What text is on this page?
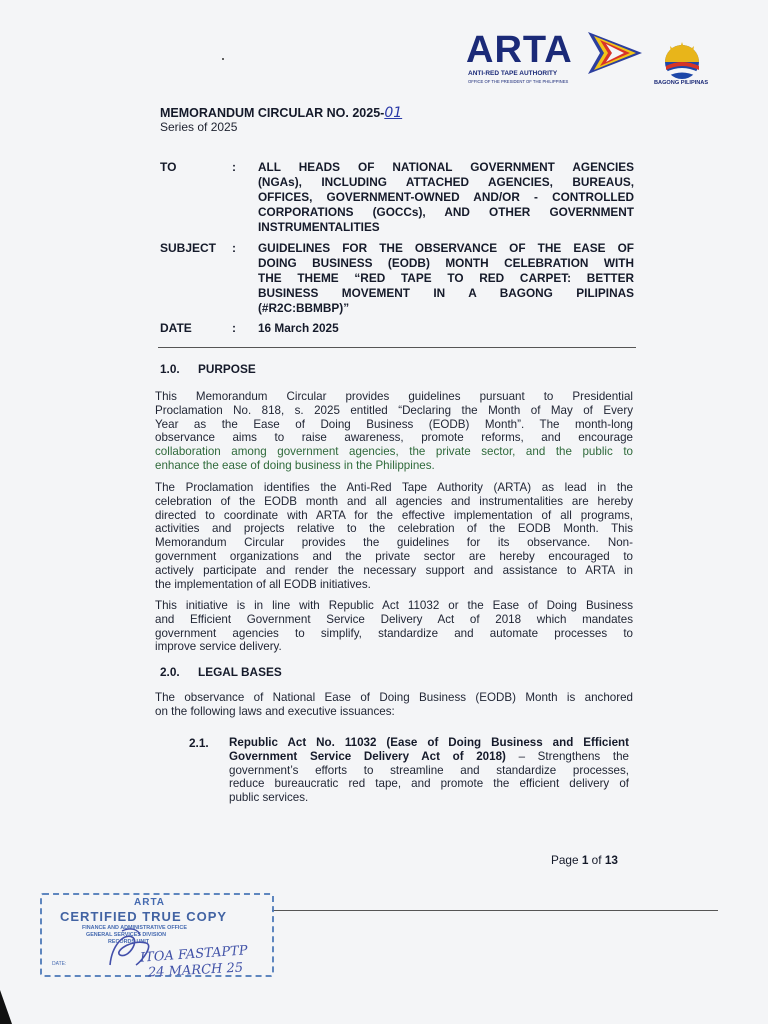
ARTA
ANTI-RED TAPE AUTHORITY
OFFICE OF THE PRESIDENT OF THE PHILIPPINES	BAGONG PILIPINAS
MEMORANDUM CIRCULAR NO. 2025-01
Series of 2025
TO	: ALL HEADS OF NATIONAL GOVERNMENT AGENCIES
(NGAs), INCLUDING ATTACHED AGENCIES, BUREAUS,
OFFICES, GOVERNMENT-OWNED AND/OR - CONTROLLED
CORPORATIONS (GOCCs), AND OTHER GOVERNMENT
INSTRUMENTALITIES
SUBJECT : GUIDELINES FOR THE OBSERVANCE OF THE EASE OF
DOING BUSINESS (EODB) MONTH CELEBRATION WITH
THE THEME “RED TAPE TO RED CARPET: BETTER
BUSINESS MOVEMENT IN A BAGONG PILIPINAS
(#R2C:BBMBP)”
DATE	: 16 March 2025
1.0. PURPOSE
This Memorandum Circular provides guidelines pursuant to Presidential
Proclamation No. 818, s. 2025 entitled “Declaring the Month of May of Every
Year as the Ease of Doing Business (EODB) Month”. The month-long
observance aims to raise awareness, promote reforms, and encourage
collaboration among government agencies, the private sector, and the public to
enhance the ease of doing business in the Philippines.
The Proclamation identifies the Anti-Red Tape Authority (ARTA) as lead in the
celebration of the EODB month and all agencies and instrumentalities are hereby
directed to coordinate with ARTA for the effective implementation of all programs,
activities and projects relative to the celebration of the EODB Month. This
Memorandum Circular provides the guidelines for its observance. Non-
government organizations and the private sector are hereby encouraged to
actively participate and render the necessary support and assistance to ARTA in
the implementation of all EODB initiatives.
This initiative is in line with Republic Act 11032 or the Ease of Doing Business
and Efficient Government Service Delivery Act of 2018 which mandates
government agencies to simplify, standardize and automate processes to
improve service delivery.
2.0. LEGAL BASES
The observance of National Ease of Doing Business (EODB) Month is anchored
on the following laws and executive issuances:
2.1. Republic Act No. 11032 (Ease of Doing Business and Efficient
Government Service Delivery Act of 2018) – Strengthens the
government’s efforts to streamline and standardize processes,
reduce bureaucratic red tape, and promote the efficient delivery of
public services.
Page 1 of 13
ARTA
CERTIFIED TRUE COPY
FINANCE AND ADMINISTRATIVE OFFICE
GENERAL SERVICES DIVISION
RECORDS UNIT
DATE:	ITOA FASTAPTP
24 MARCH 25
